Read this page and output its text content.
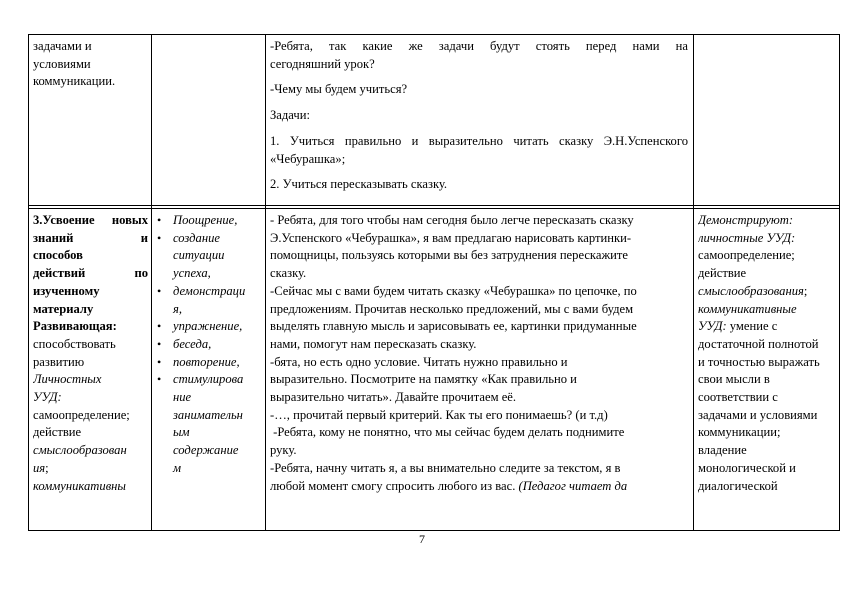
задачами и
условиями
коммуникации.
-Ребята, так какие же задачи будут стоять перед нами на
сегодняшний урок?
-Чему мы будем учиться?
Задачи:
1. Учиться правильно и выразительно читать сказку Э.Н.Успенского
«Чебурашка»;
2. Учиться пересказывать сказку.
3.Усвоение новых
знаний	и
способов
действий	по
изученному
материалу
Развивающая:
способствовать
развитию
Личностных
УУД:
самоопределение;
действие
смыслообразован
ия;
коммуникативны
• Поощрение,
• создание
ситуации
успеха,
• демонстраци
я,
• упражнение,
• беседа,
• повторение,
• стимулирова
ние
занимательн
ым
содержание
м
- Ребята, для того чтобы нам сегодня было легче пересказать сказку
Э.Успенского «Чебурашка», я вам предлагаю нарисовать картинки-
помощницы, пользуясь которыми вы без затруднения перескажите
сказку.
-Сейчас мы с вами будем читать сказку «Чебурашка» по цепочке, по
предложениям. Прочитав несколько предложений, мы с вами будем
выделять главную мысль и зарисовывать ее, картинки придуманные
нами, помогут нам пересказать сказку.
-бята, но есть одно условие. Читать нужно правильно и
выразительно. Посмотрите на памятку «Как правильно и
выразительно читать». Давайте прочитаем её.
-…, прочитай первый критерий. Как ты его понимаешь? (и т.д)
-Ребята, кому не понятно, что мы сейчас будем делать поднимите
руку.
-Ребята, начну читать я, а вы внимательно следите за текстом, я в
любой момент смогу спросить любого из вас. (Педагог читает да
Демонстрируют:
личностные УУД:
самоопределение;
действие
смыслообразования;
коммуникативные
УУД: умение с
достаточной полнотой
и точностью выражать
свои мысли в
соответствии с
задачами и условиями
коммуникации;
владение
монологической и
диалогической
7
